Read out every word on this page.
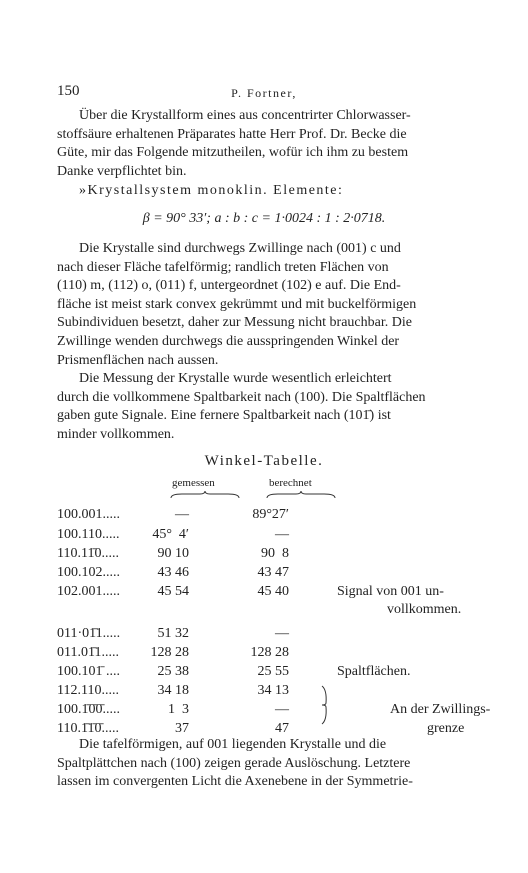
150	P. Fortner,
Über die Krystallform eines aus concentrirter Chlorwasser-
stoffsäure erhaltenen Präparates hatte Herr Prof. Dr. Becke die
Güte, mir das Folgende mitzutheilen, wofür ich ihm zu bestem
Danke verpflichtet bin.
»Krystallsystem monoklin. Elemente:
β = 90° 33′; a : b : c = 1·0024 : 1 : 2·0718.
Die Krystalle sind durchwegs Zwillinge nach (001) c und
nach dieser Fläche tafelförmig; randlich treten Flächen von
(110) m, (112) o, (011) f, untergeordnet (102) e auf. Die End-
fläche ist meist stark convex gekrümmt und mit buckelförmigen
Subindividuen besetzt, daher zur Messung nicht brauchbar. Die
Zwillinge wenden durchwegs die ausspringenden Winkel der
Prismenflächen nach aussen.
Die Messung der Krystalle wurde wesentlich erleichtert
durch die vollkommene Spaltbarkeit nach (100). Die Spaltflächen
gaben gute Signale. Eine fernere Spaltbarkeit nach (101̄) ist
minder vollkommen.
Winkel-Tabelle.
gemessen	berechnet
100.001.....	—	89°27′
100.110.....	45°  4′	—
110.11̄0.....	90 10	90  8
100.102.....	43 46	43 47
102.001.....	45 54	45 40	Signal von 001 un-
vollkommen.
011·01̄1.....	51 32	—
011.01̄1.....	128 28	128 28
100.101̄ ....	25 38	25 55	Spaltflächen.
112.110.....	34 18	34 13
100.1̄0̄0̄.....	1  3	—	An der Zwillings-
110.1̄1̄0̄.....	37	47	grenze
Die tafelförmigen, auf 001 liegenden Krystalle und die
Spaltplättchen nach (100) zeigen gerade Auslöschung. Letztere
lassen im convergenten Licht die Axenebene in der Symmetrie-
